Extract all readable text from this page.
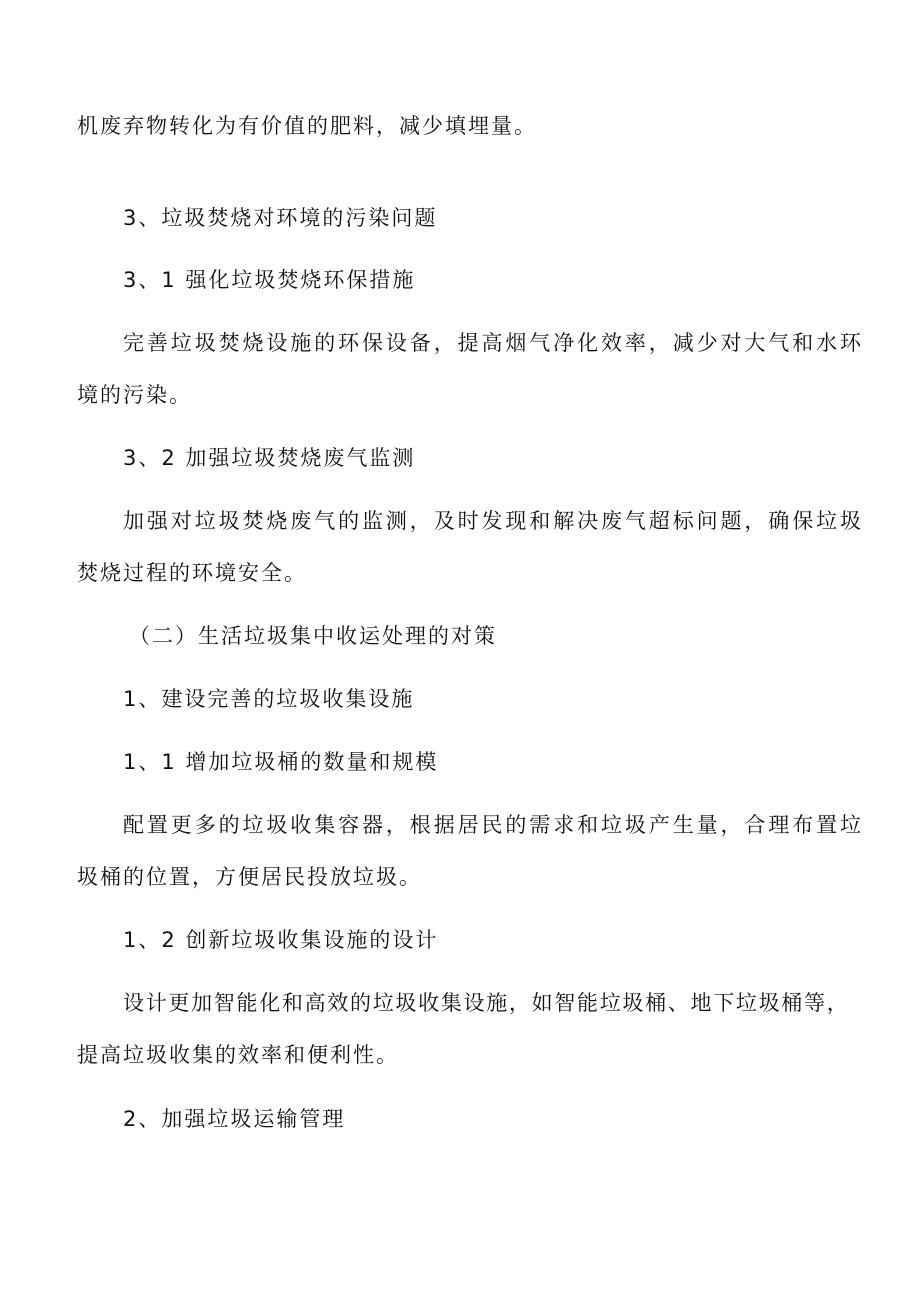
机废弃物转化为有价值的肥料，减少填埋量。
3、垃圾焚烧对环境的污染问题
3、1 强化垃圾焚烧环保措施
完善垃圾焚烧设施的环保设备，提高烟气净化效率，减少对大气和水环
境的污染。
3、2 加强垃圾焚烧废气监测
加强对垃圾焚烧废气的监测，及时发现和解决废气超标问题，确保垃圾
焚烧过程的环境安全。
（二）生活垃圾集中收运处理的对策
1、建设完善的垃圾收集设施
1、1 增加垃圾桶的数量和规模
配置更多的垃圾收集容器，根据居民的需求和垃圾产生量，合理布置垃
圾桶的位置，方便居民投放垃圾。
1、2 创新垃圾收集设施的设计
设计更加智能化和高效的垃圾收集设施，如智能垃圾桶、地下垃圾桶等，
提高垃圾收集的效率和便利性。
2、加强垃圾运输管理
